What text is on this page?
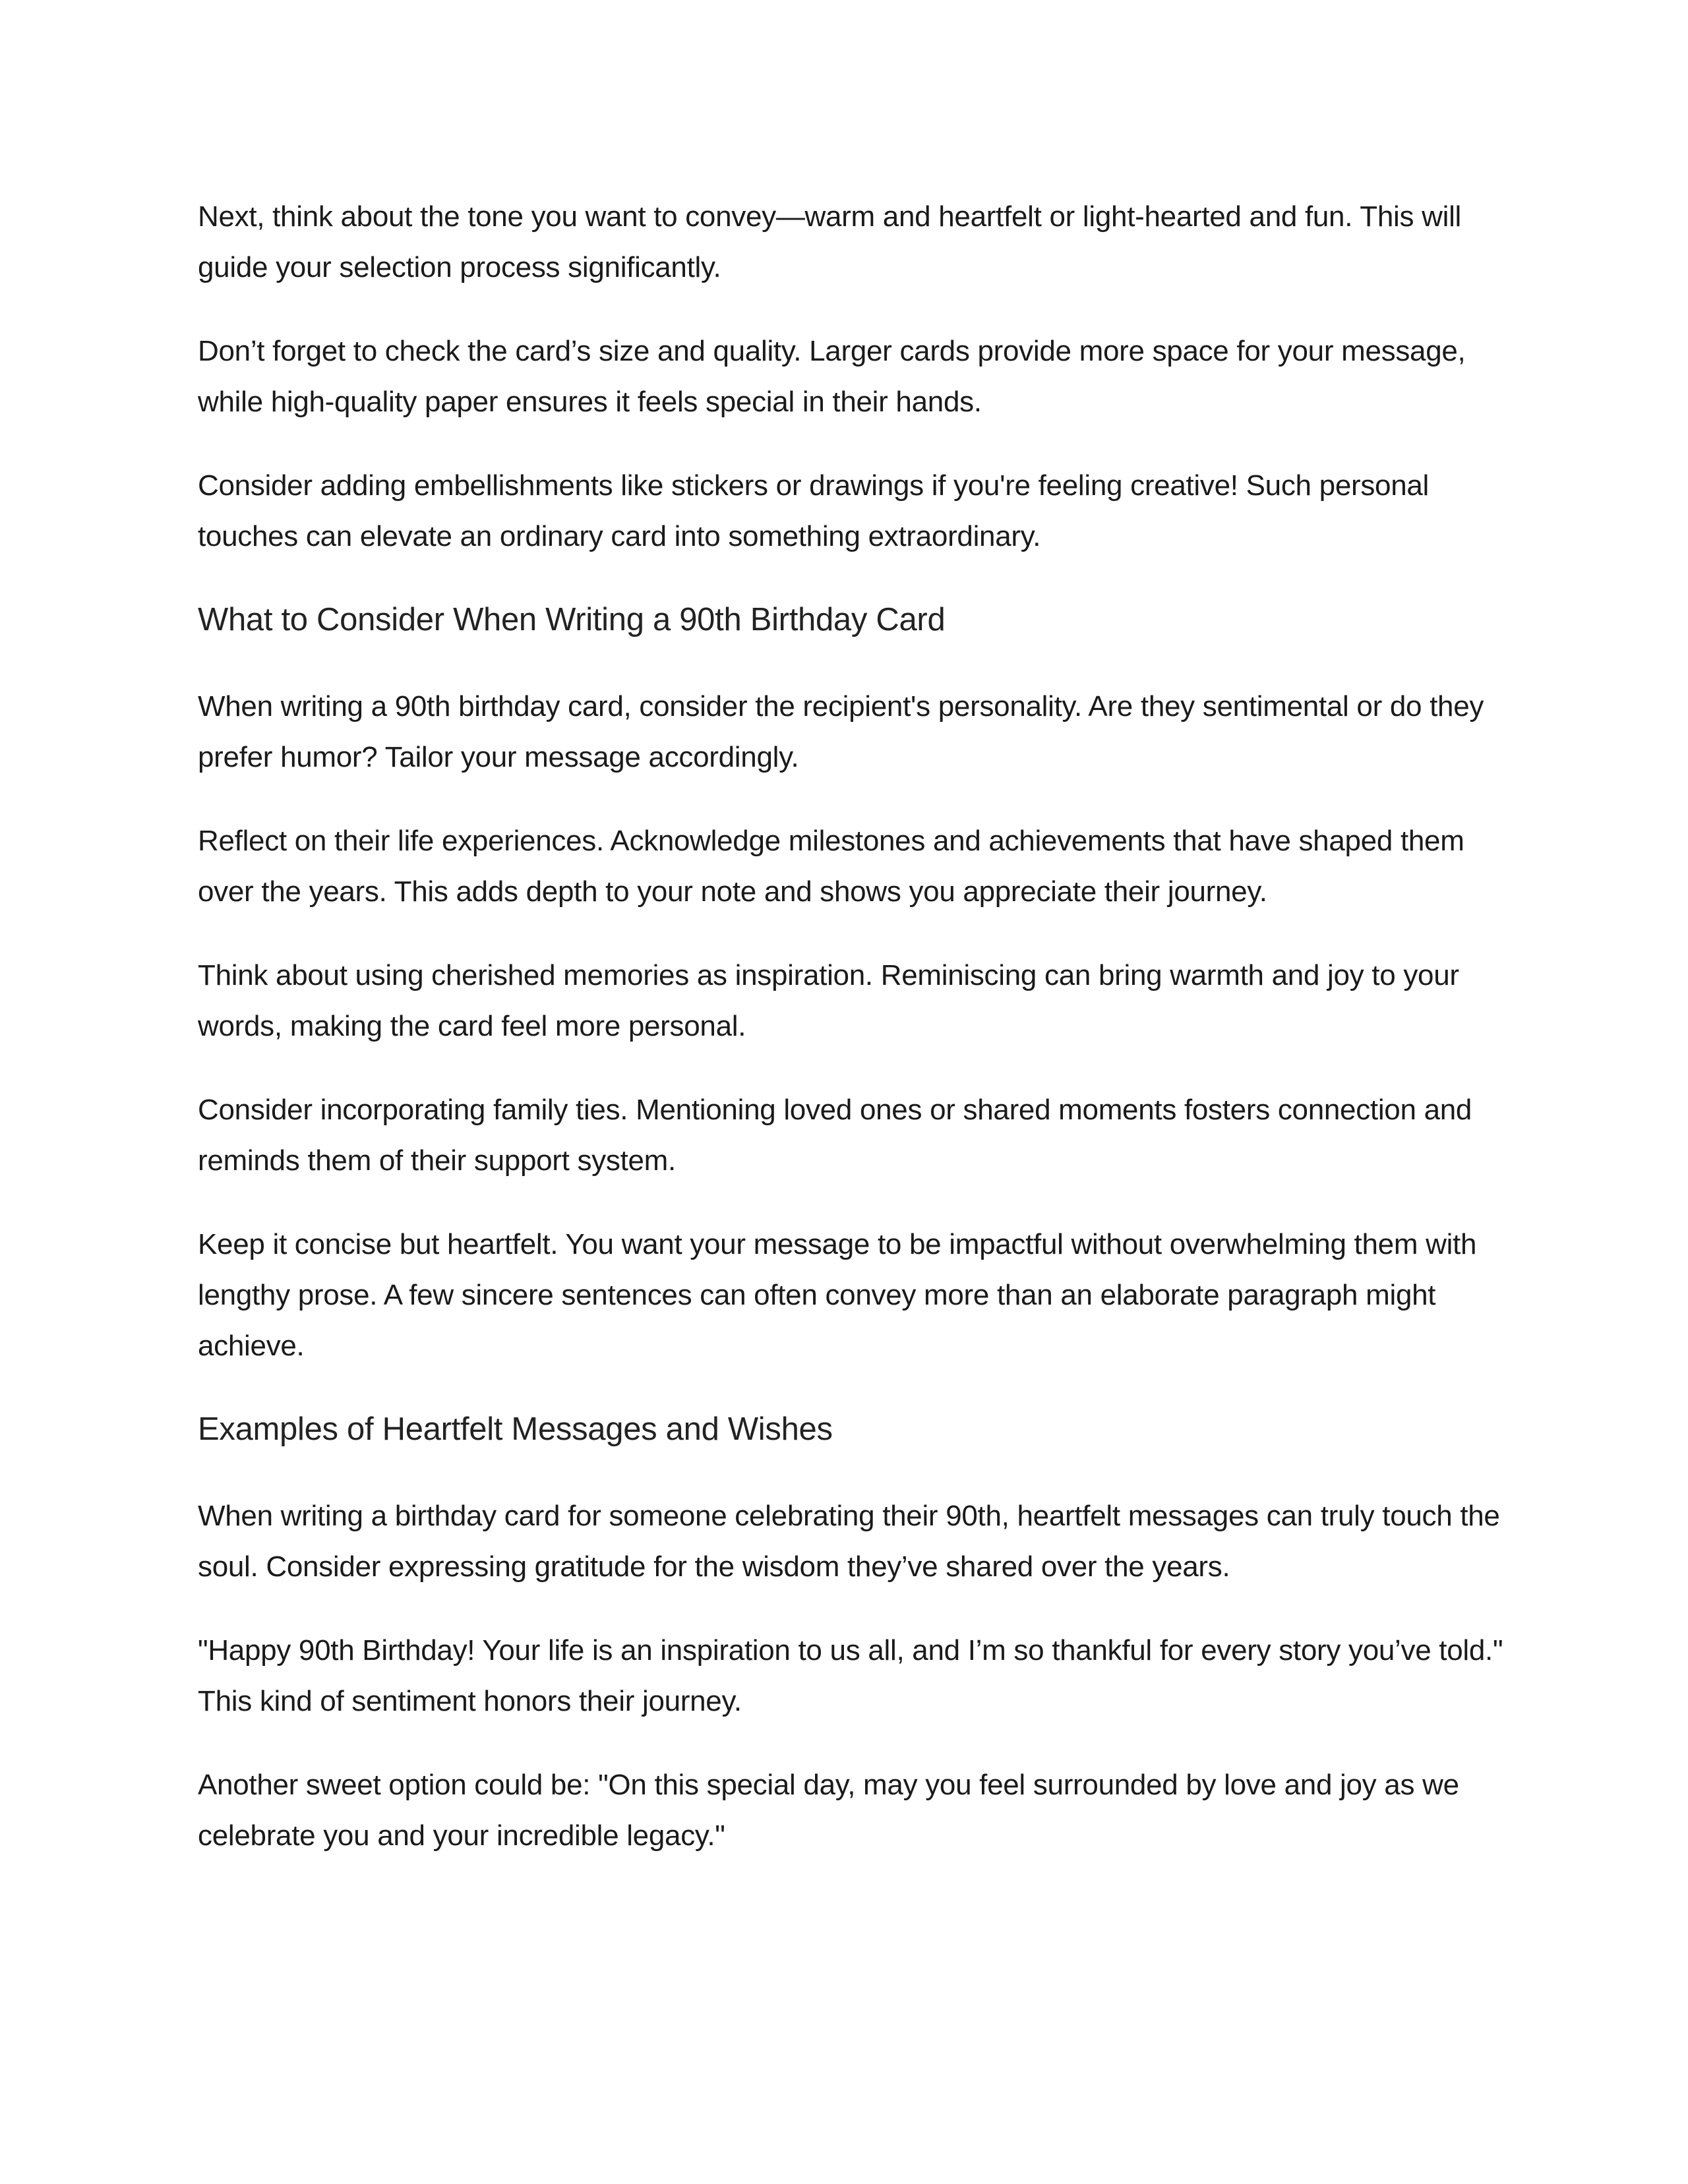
Next, think about the tone you want to convey—warm and heartfelt or light-hearted and fun. This will guide your selection process significantly.

Don’t forget to check the card’s size and quality. Larger cards provide more space for your message, while high-quality paper ensures it feels special in their hands.

Consider adding embellishments like stickers or drawings if you're feeling creative! Such personal touches can elevate an ordinary card into something extraordinary.

What to Consider When Writing a 90th Birthday Card

When writing a 90th birthday card, consider the recipient's personality. Are they sentimental or do they prefer humor? Tailor your message accordingly.

Reflect on their life experiences. Acknowledge milestones and achievements that have shaped them over the years. This adds depth to your note and shows you appreciate their journey.

Think about using cherished memories as inspiration. Reminiscing can bring warmth and joy to your words, making the card feel more personal.

Consider incorporating family ties. Mentioning loved ones or shared moments fosters connection and reminds them of their support system.

Keep it concise but heartfelt. You want your message to be impactful without overwhelming them with lengthy prose. A few sincere sentences can often convey more than an elaborate paragraph might achieve.

Examples of Heartfelt Messages and Wishes

When writing a birthday card for someone celebrating their 90th, heartfelt messages can truly touch the soul. Consider expressing gratitude for the wisdom they’ve shared over the years.

"Happy 90th Birthday! Your life is an inspiration to us all, and I’m so thankful for every story you’ve told." This kind of sentiment honors their journey.

Another sweet option could be: "On this special day, may you feel surrounded by love and joy as we celebrate you and your incredible legacy."
